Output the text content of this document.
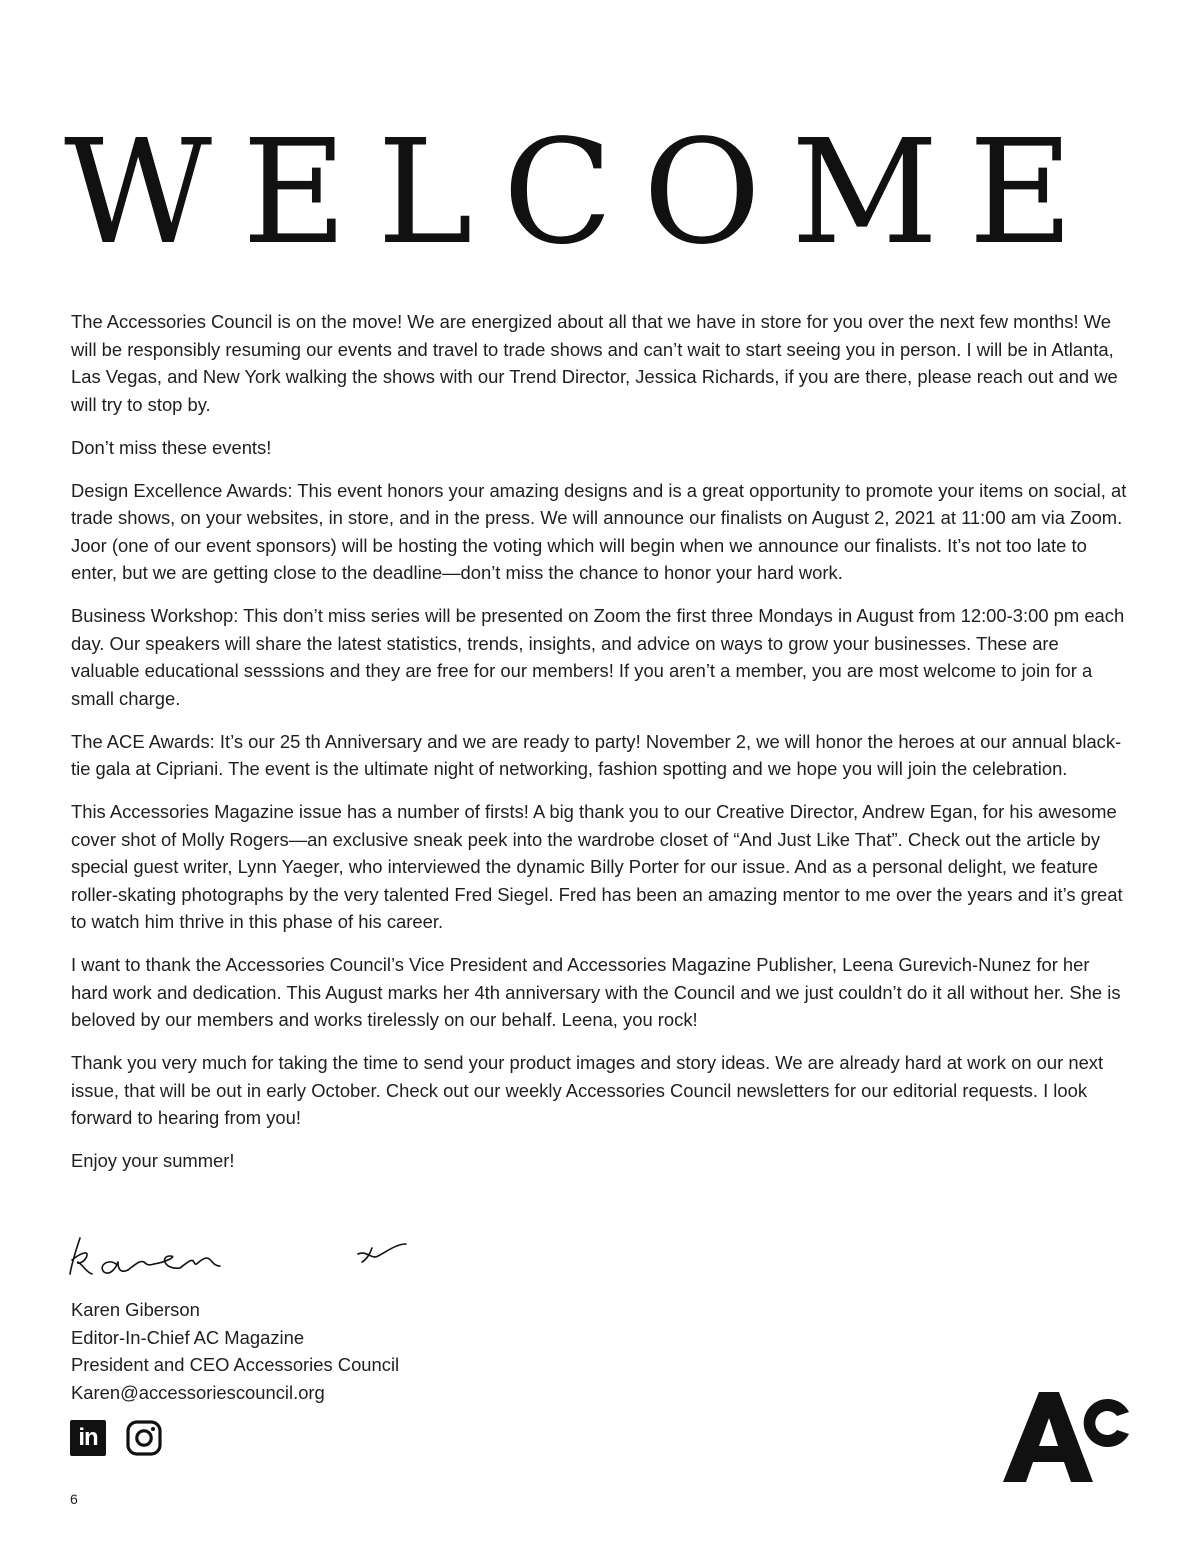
WELCOME

The Accessories Council is on the move! We are energized about all that we have in store for you over the next few months! We will be responsibly resuming our events and travel to trade shows and can’t wait to start seeing you in person. I will be in Atlanta, Las Vegas, and New York walking the shows with our Trend Director, Jessica Richards, if you are there, please reach out and we will try to stop by.

Don’t miss these events!

Design Excellence Awards: This event honors your amazing designs and is a great opportunity to promote your items on social, at trade shows, on your websites, in store, and in the press. We will announce our finalists on August 2, 2021 at 11:00 am via Zoom. Joor (one of our event sponsors) will be hosting the voting which will begin when we announce our finalists. It’s not too late to enter, but we are getting close to the deadline—don’t miss the chance to honor your hard work.

Business Workshop: This don’t miss series will be presented on Zoom the first three Mondays in August from 12:00-3:00 pm each day. Our speakers will share the latest statistics, trends, insights, and advice on ways to grow your businesses. These are valuable educational sesssions and they are free for our members! If you aren’t a member, you are most welcome to join for a small charge.

The ACE Awards: It’s our 25 th Anniversary and we are ready to party! November 2, we will honor the heroes at our annual black-tie gala at Cipriani. The event is the ultimate night of networking, fashion spotting and we hope you will join the celebration.

This Accessories Magazine issue has a number of firsts! A big thank you to our Creative Director, Andrew Egan, for his awesome cover shot of Molly Rogers—an exclusive sneak peek into the wardrobe closet of “And Just Like That”. Check out the article by special guest writer, Lynn Yaeger, who interviewed the dynamic Billy Porter for our issue. And as a personal delight, we feature roller-skating photographs by the very talented Fred Siegel. Fred has been an amazing mentor to me over the years and it’s great to watch him thrive in this phase of his career.

I want to thank the Accessories Council’s Vice President and Accessories Magazine Publisher, Leena Gurevich-Nunez for her hard work and dedication. This August marks her 4th anniversary with the Council and we just couldn’t do it all without her. She is beloved by our members and works tirelessly on our behalf. Leena, you rock!

Thank you very much for taking the time to send your product images and story ideas. We are already hard at work on our next issue, that will be out in early October. Check out our weekly Accessories Council newsletters for our editorial requests. I look forward to hearing from you!

Enjoy your summer!

Karen Giberson
Editor-In-Chief AC Magazine
President and CEO Accessories Council
Karen@accessoriescouncil.org
in
6
